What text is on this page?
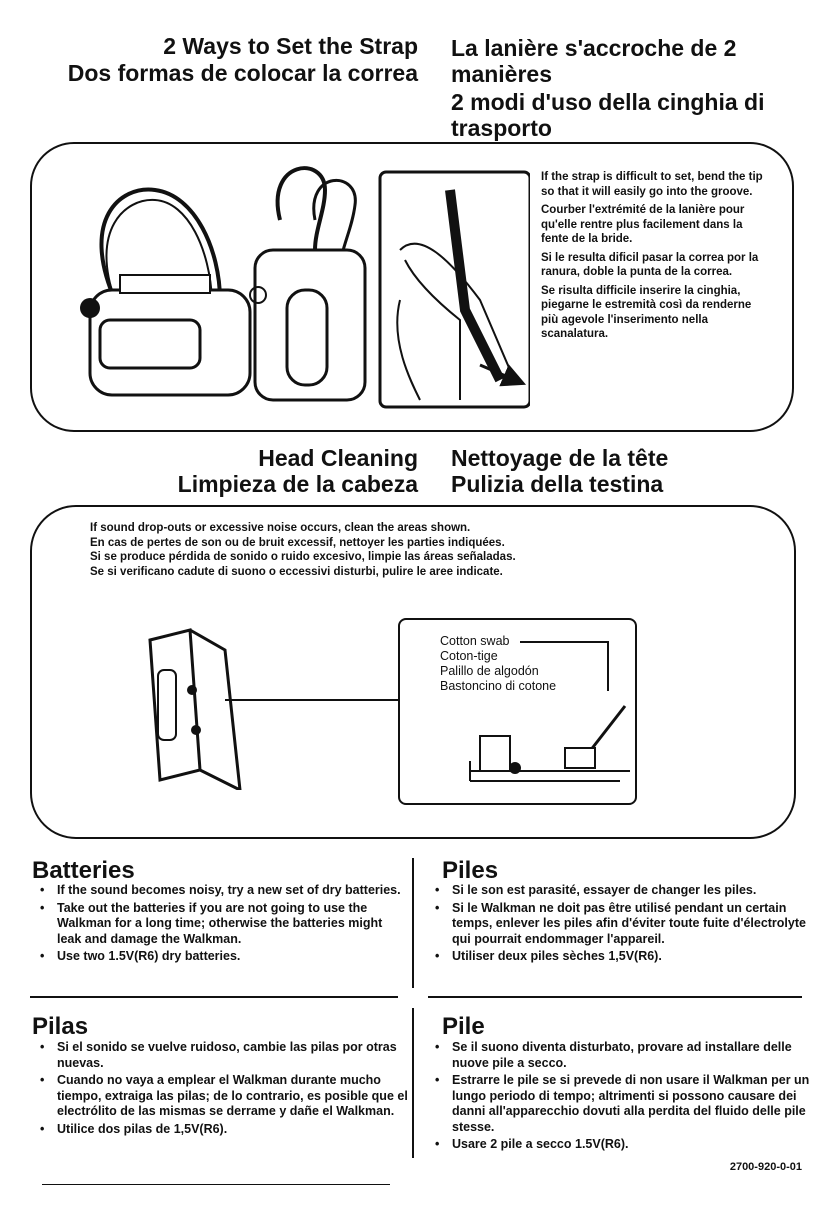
2 Ways to Set the Strap
Dos formas de colocar la correa
La lanière s'accroche de 2 manières
2 modi d'uso della cinghia di trasporto
If the strap is difficult to set, bend the tip so that it will easily go into the groove.
Courber l'extrémité de la lanière pour qu'elle rentre plus facilement dans la fente de la bride.
Si le resulta dificil pasar la correa por la ranura, doble la punta de la correa.
Se risulta difficile inserire la cinghia, piegarne le estremità così da renderne più agevole l'inserimento nella scanalatura.
Head Cleaning
Limpieza de la cabeza
Nettoyage de la tête
Pulizia della testina
If sound drop-outs or excessive noise occurs, clean the areas shown.
En cas de pertes de son ou de bruit excessif, nettoyer les parties indiquées.
Si se produce pérdida de sonido o ruido excesivo, limpie las áreas señaladas.
Se si verificano cadute di suono o eccessivi disturbi, pulire le aree indicate.
Cotton swab
Coton-tige
Palillo de algodón
Bastoncino di cotone
Batteries
• If the sound becomes noisy, try a new set of dry batteries.
• Take out the batteries if you are not going to use the Walkman for a long time; otherwise the batteries might leak and damage the Walkman.
• Use two 1.5V(R6) dry batteries.
Piles
• Si le son est parasité, essayer de changer les piles.
• Si le Walkman ne doit pas être utilisé pendant un certain temps, enlever les piles afin d'éviter toute fuite d'électrolyte qui pourrait endommager l'appareil.
• Utiliser deux piles sèches 1,5V(R6).
Pilas
• Si el sonido se vuelve ruidoso, cambie las pilas por otras nuevas.
• Cuando no vaya a emplear el Walkman durante mucho tiempo, extraiga las pilas; de lo contrario, es posible que el electrólito de las mismas se derrame y dañe el Walkman.
• Utilice dos pilas de 1,5V(R6).
Pile
• Se il suono diventa disturbato, provare ad installare delle nuove pile a secco.
• Estrarre le pile se si prevede di non usare il Walkman per un lungo periodo di tempo; altrimenti si possono causare dei danni all'apparecchio dovuti alla perdita del fluido delle pile stesse.
• Usare 2 pile a secco 1.5V(R6).
2700-920-0-01
